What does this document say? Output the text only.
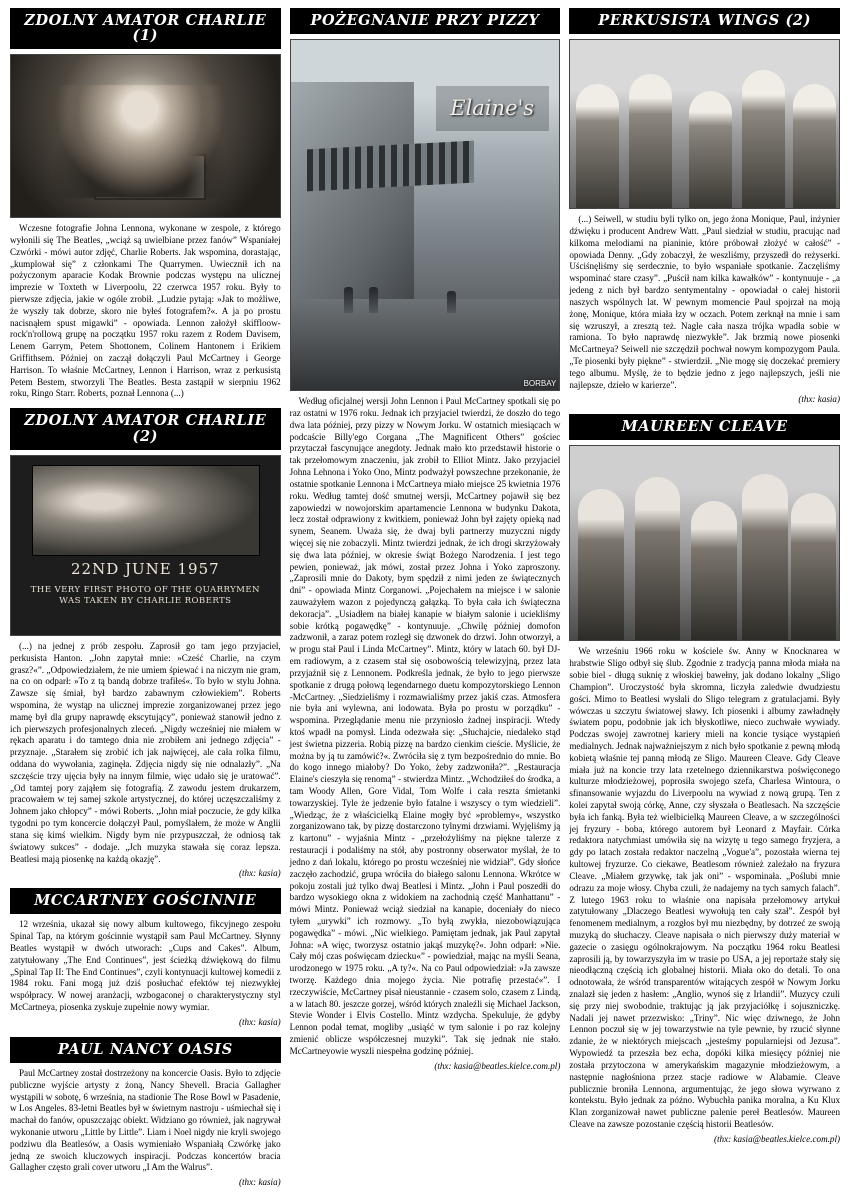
ZDOLNY AMATOR CHARLIE (1)

Wczesne fotografie Johna Lennona, wykonane w zespole, z którego wyłonili się The Beatles, „wciąż są uwielbiane przez fanów” Wspaniałej Czwórki - mówi autor zdjęć, Charlie Roberts. Jak wspomina, dorastając, „kumplował się” z członkami The Quarrymen. Uwiecznił ich na pożyczonym aparacie Kodak Brownie podczas występu na ulicznej imprezie w Toxteth w Liverpoolu, 22 czerwca 1957 roku. Były to pierwsze zdjęcia, jakie w ogóle zrobił. „Ludzie pytają: »Jak to możliwe, że wyszły tak dobrze, skoro nie byłeś fotografem?«. A ja po prostu nacisnąłem spust migawki” - opowiada. Lennon założył skiffloow-rock'n'rollową grupę na początku 1957 roku razem z Rodem Davisem, Lenem Garrym, Petem Shottonem, Colinem Hantonem i Erikiem Griffithsem. Później on zaczął dołączyli Paul McCartney i George Harrison. To właśnie McCartney, Lennon i Harrison, wraz z perkusistą Petem Bestem, stworzyli The Beatles. Besta zastąpił w sierpniu 1962 roku, Ringo Starr. Roberts, poznał Lennona (...)

ZDOLNY AMATOR CHARLIE (2)
22ND JUNE 1957
THE VERY FIRST PHOTO OF THE QUARRYMEN WAS TAKEN BY CHARLIE ROBERTS

(...) na jednej z prób zespołu. Zaprosił go tam jego przyjaciel, perkusista Hanton. „John zapytał mnie: »Cześć Charlie, na czym grasz?«”. „Odpowiedziałem, że nie umiem śpiewać i na niczym nie gram, na co on odparł: »To z tą bandą dobrze trafiłeś«. To było w stylu Johna. Zawsze się śmiał, był bardzo zabawnym człowiekiem”. Roberts wspomina, że wystąp na ulicznej imprezie zorganizowanej przez jego mamę był dla grupy naprawdę ekscytujący”, ponieważ stanowił jedno z ich pierwszych profesjonalnych zleceń. „Nigdy wcześniej nie miałem w rękach aparatu i do tamtego dnia nie zrobiłem ani jednego zdjęcia” - przyznaje. „Starałem się zrobić ich jak najwięcej, ale cała rolka filmu, oddana do wywołania, zaginęła. Zdjęcia nigdy się nie odnalazły”. „Na szczęście trzy ujęcia były na innym filmie, więc udało się je uratować”. „Od tamtej pory zająłem się fotografią. Z zawodu jestem drukarzem, pracowałem w tej samej szkole artystycznej, do której uczęszczaliśmy z Johnem jako chłopcy” - mówi Roberts. „John miał poczucie, że gdy kilka tygodni po tym koncercie dołączył Paul, pomyślałem, że może w Anglii stana się kimś wielkim. Nigdy bym nie przypuszczał, że odniosą tak światowy sukces” - dodaje. „Jch muzyka stawała się coraz lepsza. Beatlesi mają piosenkę na każdą okazję”.

(thx: kasia)

MCCARTNEY GOŚCINNIE

12 września, ukazał się nowy album kultowego, fikcyjnego zespołu Spinal Tap, na którym gościnnie wystąpił sam Paul McCartney. Słynny Beatles wystąpił w dwóch utworach: „Cups and Cakes”. Album, zatytułowany „The End Continues”, jest ścieżką dźwiękową do filmu „Spinal Tap II: The End Continues”, czyli kontynuacji kultowej komedii z 1984 roku. Fani mogą już dziś posłuchać efektów tej niezwykłej współpracy. W nowej aranżacji, wzbogaconej o charakterystyczny styl McCartneya, piosenka zyskuje zupełnie nowy wymiar.

(thx: kasia)

PAUL NANCY OASIS

Paul McCartney został dostrzeżony na koncercie Oasis. Było to zdjęcie publiczne wyjście artysty z żoną, Nancy Shevell. Bracia Gallagher wystąpili w sobotę, 6 września, na stadionie The Rose Bowl w Pasadenie, w Los Angeles. 83-letni Beatles był w świetnym nastroju - uśmiechał się i machał do fanów, opuszczając obiekt. Widziano go również, jak nagrywał wykonanie utworu „Little by Little”. Liam i Noel nigdy nie kryli swojego podziwu dla Beatlesów, a Oasis wymieniało Wspaniałą Czwórkę jako jedną ze swoich kluczowych inspiracji. Podczas koncertów bracia Gallagher często grali cover utworu „I Am the Walrus”.

(thx: kasia)

POŻEGNANIE PRZY PIZZY
Elaine's
BORBAY

Według oficjalnej wersji John Lennon i Paul McCartney spotkali się po raz ostatni w 1976 roku. Jednak ich przyjaciel twierdzi, że doszło do tego dwa lata później, przy pizzy w Nowym Jorku. W ostatnich miesiącach w podcaście Billy'ego Corgana „The Magnificent Others” gościec przytaczał fascynujące anegdoty. Jednak mało kto przedstawił historie o tak przełomowym znaczeniu, jak zrobił to Elliot Mintz. Jako przyjaciel Johna Lehnona i Yoko Ono, Mintz podważył powszechne przekonanie, że ostatnie spotkanie Lennona i McCartneya miało miejsce 25 kwietnia 1976 roku. Według tamtej dość smutnej wersji, McCartney pojawił się bez zapowiedzi w nowojorskim apartamencie Lennona w budynku Dakota, lecz został odprawiony z kwitkiem, ponieważ John był zajęty opieką nad synem, Seanem. Uważa się, że dwaj byli partnerzy muzyczni nigdy więcej się nie zobaczyli. Mintz twierdzi jednak, że ich drogi skrzyżowały się dwa lata później, w okresie świąt Bożego Narodzenia. I jest tego pewien, ponieważ, jak mówi, został przez Johna i Yoko zaproszony. „Zaprosili mnie do Dakoty, bym spędził z nimi jeden ze świątecznych dni” - opowiada Mintz Corganowi. „Pojechałem na miejsce i w salonie zauważyłem wazon z pojedynczą gałązką. To była cała ich świąteczna dekoracja”. „Usiadłem na białej kanapie w białym salonie i uciekliśmy sobie krótką pogawędkę” - kontynuuje. „Chwilę później domofon zadzwonił, a zaraz potem rozległ się dzwonek do drzwi. John otworzył, a w progu stał Paul i Linda McCartney”. Mintz, który w latach 60. był DJ-em radiowym, a z czasem stał się osobowością telewizyjną, przez lata przyjaźnił się z Lennonem. Podkreśla jednak, że było to jego pierwsze spotkanie z drugą połową legendarnego duetu kompozytorskiego Lennon -McCartney. „Siedzieliśmy i rozmawialiśmy przez jakiś czas. Atmosfera nie była ani wylewna, ani lodowata. Była po prostu w porządku” - wspomina. Przeglądanie menu nie przyniosło żadnej inspiracji. Wtedy ktoś wpadł na pomysł. Linda odezwała się: „Słuchajcie, niedaleko stąd jest świetna pizzeria. Robią pizzę na bardzo cienkim cieście. Myślicie, że można by ją tu zamówić?«. Zwróciła się z tym bezpośrednio do mnie. Bo do kogo innego miałoby? Do Yoko, żeby zadzwoniła?”. „Restauracja Elaine's cieszyła się renomą” - stwierdza Mintz. „Wchodziłeś do środka, a tam Woody Allen, Gore Vidal, Tom Wolfe i cała reszta śmietanki towarzyskiej. Tyle że jedzenie było fatalne i wszyscy o tym wiedzieli”. „Wiedząc, że z właścicielką Elaine mogły być »problemy«, wszystko zorganizowano tak, by pizzę dostarczono tylnymi drzwiami. Wyjęliśmy ją z kartonu” - wyjaśnia Mintz - „przełożyliśmy na piękne talerze z restauracji i podaliśmy na stół, aby postronny obserwator myślał, że to jedno z dań lokalu, którego po prostu wcześniej nie widział”. Gdy słońce zaczęło zachodzić, grupa wróciła do białego salonu Lennona. Wkrótce w pokoju zostali już tylko dwaj Beatlesi i Mintz. „John i Paul poszedłi do bardzo wysokiego okna z widokiem na zachodnią część Manhattanu” - mówi Mintz. Ponieważ wciąż siedział na kanapie, doceniały do nieco tyłem „urywki” ich rozmowy. „To byłą zwykła, niezobowiązująca pogawędka” - mówi. „Nic wielkiego. Pamiętam jednak, jak Paul zapytał Johna: »A więc, tworzysz ostatnio jakąś muzykę?«. John odparł: »Nie. Cały mój czas poświęcam dziecku«” - powiedział, mając na myśli Seana, urodzonego w 1975 roku. „A ty?«. Na co Paul odpowiedział: »Ja zawsze tworzę. Każdego dnia mojego życia. Nie potrafię przestać«”. I rzeczywiście, McCartney pisał nieustannie - czasem solo, czasem z Lindą, a w latach 80. jeszcze gorzej, wśród których znaleźli się Michael Jackson, Stevie Wonder i Elvis Costello. Mintz wzdycha. Spekuluje, że gdyby Lennon podał temat, mogliby „usiąść w tym salonie i po raz kolejny zmienić oblicze współczesnej muzyki”. Tak się jednak nie stało. McCartneyowie wyszli niespełna godzinę później.

(thx: kasia@beatles.kielce.com.pl)

PERKUSISTA WINGS (2)

(...) Seiwell, w studiu byli tylko on, jego żona Monique, Paul, inżynier dźwięku i producent Andrew Watt. „Paul siedział w studiu, pracując nad kilkoma melodiami na pianinie, które próbował złożyć w całość” - opowiada Denny. „Gdy zobaczył, że weszliśmy, przyszedł do reżyserki. Uściśnęliśmy się serdecznie, to było wspaniałe spotkanie. Zaczęliśmy wspominać stare czasy”. „Puścił nam kilka kawałków” - kontynuuje - „a jedeng z nich był bardzo sentymentalny - opowiadał o całej historii naszych wspólnych lat. W pewnym momencie Paul spojrzał na moją żonę, Monique, która miała łzy w oczach. Potem zerknął na mnie i sam się wzruszył, a zresztą też. Nagle cała nasza trójka wpadła sobie w ramiona. To było naprawdę niezwykłe”. Jak brzmią nowe piosenki McCartneya? Seiwell nie szczędził pochwał nowym kompozygom Paula. „Te piosenki były piękne” - stwierdził. „Nie mogę się doczekać premiery tego albumu. Myślę, że to będzie jedno z jego najlepszych, jeśli nie najlepsze, dzieło w karierze”.

(thx: kasia)

MAUREEN CLEAVE

We wrześniu 1966 roku w kościele św. Anny w Knocknarea w hrabstwie Sligo odbył się ślub. Zgodnie z tradycją panna młoda miała na sobie biel - długą suknię z włoskiej bawełny, jak dodano lokalny „Sligo Champion”. Uroczystość była skromna, liczyła zaledwie dwudziestu gości. Mimo to Beatlesi wysłali do Sligo telegram z gratulacjami. Były wówczas u szczytu światowej sławy. Ich piosenki i albumy zawładnęły światem popu, podobnie jak ich błyskotliwe, nieco zuchwałe wywiady. Podczas swojej zawrotnej kariery mieli na koncie tysiące wystąpień medialnych. Jednak najważniejszym z nich było spotkanie z pewną młodą kobietą właśnie tej panną młodą ze Sligo. Maureen Cleave. Gdy Cleave miała już na koncie trzy lata rzetelnego dziennikarstwa poświęconego kulturze młodzieżowej, poprosiła swojego szefa, Charlesa Wintoura, o sfinansowanie wyjazdu do Liverpoolu na wywiad z nową grupą. Ten z kolei zapytał swoją córkę, Anne, czy słyszała o Beatlesach. Na szczęście była ich fanką. Była też wielbicielką Maureen Cleave, a w szczególności jej fryzury - boba, którego autorem był Leonard z Mayfair. Córka redaktora natychmiast umówiła się na wizytę u tego samego fryzjera, a gdy po latach została redaktor naczelną „Vogue'a”, pozostała wierna tej kultowej fryzurze. Co ciekawe, Beatlesom również zależało na fryzura Cleave. „Miałem grzywkę, tak jak oni” - wspominała. „Poślubi mnie odrazu za moje włosy. Chyba czuli, że nadajemy na tych samych falach”. Z lutego 1963 roku to właśnie ona napisała przełomowy artykuł zatytułowany „Dlaczego Beatlesi wywołują ten cały szał”. Zespół był fenomenem medialnym, a rozgłos był mu niezbędny, by dotrzeć ze swoją muzyką do słuchaczy. Cleave napisała o nich pierwszy duży materiał w gazecie o zasięgu ogólnokrajowym. Na początku 1964 roku Beatlesi zaprosili ją, by towarzyszyła im w trasie po USA, a jej reportaże stały się nieodłączną częścią ich globalnej historii. Miała oko do detali. To ona odnotowała, że wśród transparentów witających zespół w Nowym Jorku znalazł się jeden z hasłem: „Anglio, wynoś się z Irlandii”. Muzycy czuli się przy niej swobodnie, traktując ją jak przyjaciółkę i sojuszniczkę. Nadali jej nawet przezwisko: „Triny”. Nic więc dziwnego, że John Lennon poczuł się w jej towarzystwie na tyle pewnie, by rzucić słynne zdanie, że w niektórych miejscach „jesteśmy popularniejsi od Jezusa”. Wypowiedź ta przeszła bez echa, dopóki kilka miesięcy później nie została przytoczona w amerykańskim magazynie młodzieżowym, a następnie nagłośniona przez stacje radiowe w Alabamie. Cleave publicznie broniła Lennona, argumentując, że jego słowa wyrwano z kontekstu. Było jednak za późno. Wybuchła panika moralna, a Ku Klux Klan zorganizował nawet publiczne palenie pereł Beatlesów. Maureen Cleave na zawsze pozostanie częścią historii Beatlesów.

(thx: kasia@beatles.kielce.com.pl)
